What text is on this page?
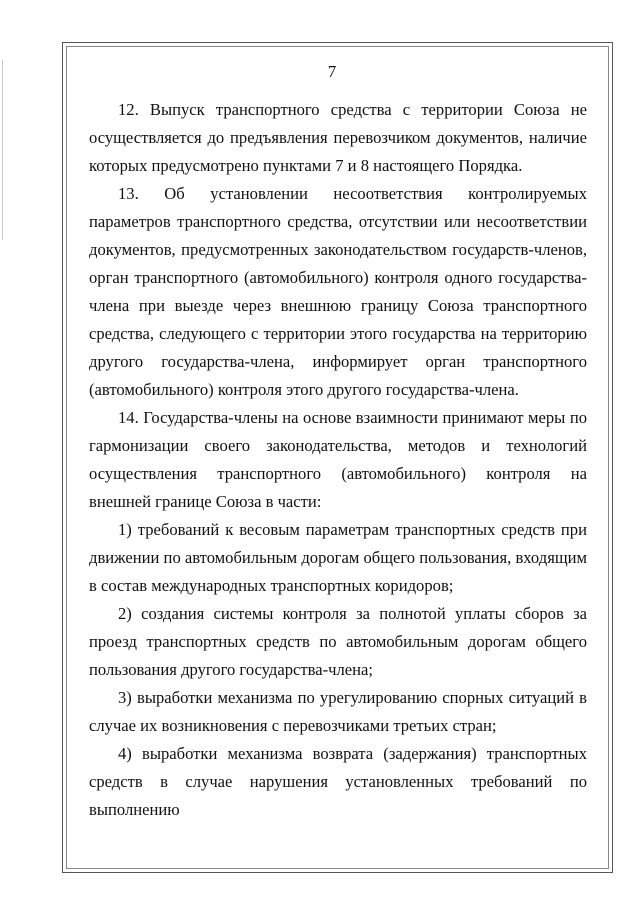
7

12. Выпуск транспортного средства с территории Союза не осуществляется до предъявления перевозчиком документов, наличие которых предусмотрено пунктами 7 и 8 настоящего Порядка.

13. Об установлении несоответствия контролируемых параметров транспортного средства, отсутствии или несоответствии документов, предусмотренных законодательством государств-членов, орган транспортного (автомобильного) контроля одного государства-члена при выезде через внешнюю границу Союза транспортного средства, следующего с территории этого государства на территорию другого государства-члена, информирует орган транспортного (автомобильного) контроля этого другого государства-члена.

14. Государства-члены на основе взаимности принимают меры по гармонизации своего законодательства, методов и технологий осуществления транспортного (автомобильного) контроля на внешней границе Союза в части:

1) требований к весовым параметрам транспортных средств при движении по автомобильным дорогам общего пользования, входящим в состав международных транспортных коридоров;

2) создания системы контроля за полнотой уплаты сборов за проезд транспортных средств по автомобильным дорогам общего пользования другого государства-члена;

3) выработки механизма по урегулированию спорных ситуаций в случае их возникновения с перевозчиками третьих стран;

4) выработки механизма возврата (задержания) транспортных средств в случае нарушения установленных требований по выполнению
